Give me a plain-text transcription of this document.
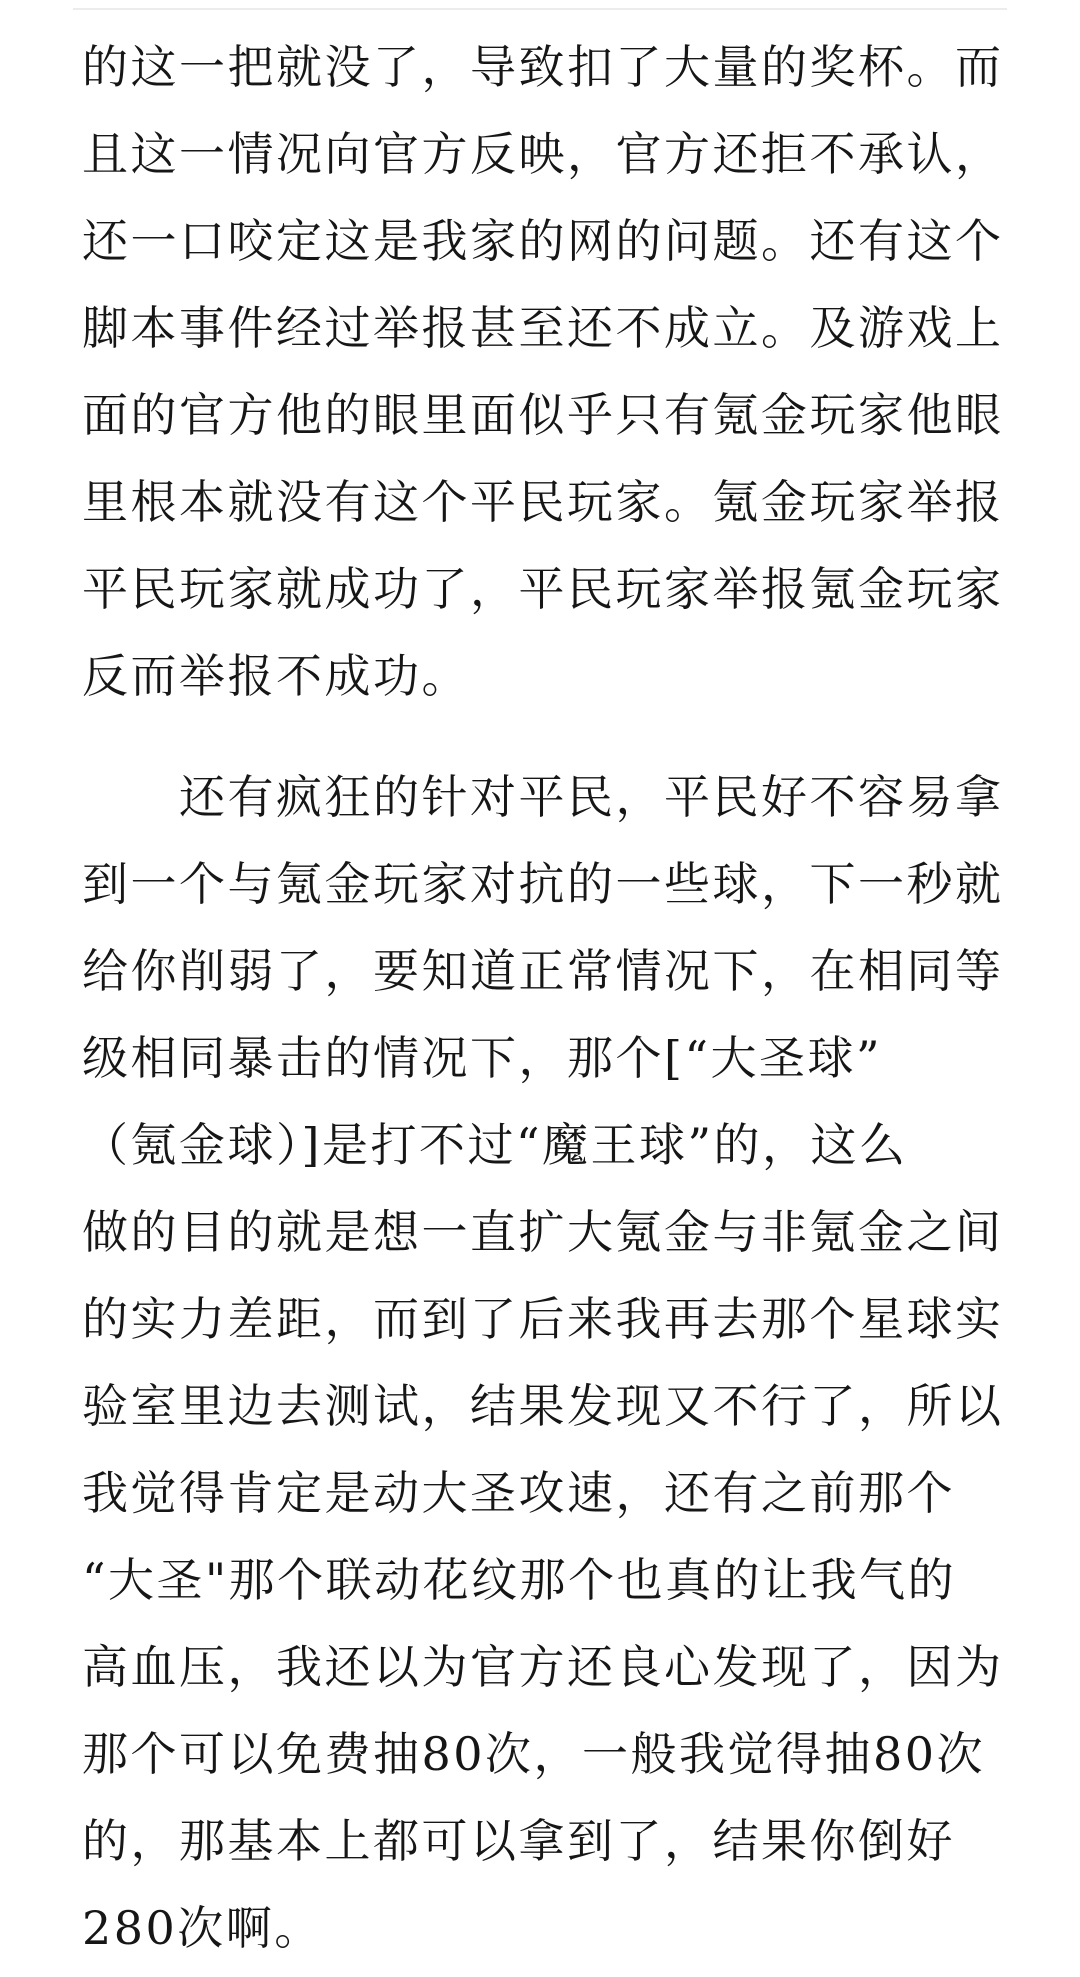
的这一把就没了，导致扣了大量的奖杯。而
且这一情况向官方反映，官方还拒不承认，
还一口咬定这是我家的网的问题。还有这个
脚本事件经过举报甚至还不成立。及游戏上
面的官方他的眼里面似乎只有氪金玩家他眼
里根本就没有这个平民玩家。氪金玩家举报
平民玩家就成功了，平民玩家举报氪金玩家
反而举报不成功。

　　还有疯狂的针对平民，平民好不容易拿
到一个与氪金玩家对抗的一些球，下一秒就
给你削弱了，要知道正常情况下，在相同等
级相同暴击的情况下，那个[“大圣球”
（氪金球）]是打不过“魔王球”的，这么
做的目的就是想一直扩大氪金与非氪金之间
的实力差距，而到了后来我再去那个星球实
验室里边去测试，结果发现又不行了，所以
我觉得肯定是动大圣攻速，还有之前那个
“大圣"那个联动花纹那个也真的让我气的
高血压，我还以为官方还良心发现了，因为
那个可以免费抽80次，一般我觉得抽80次
的，那基本上都可以拿到了，结果你倒好
280次啊。
